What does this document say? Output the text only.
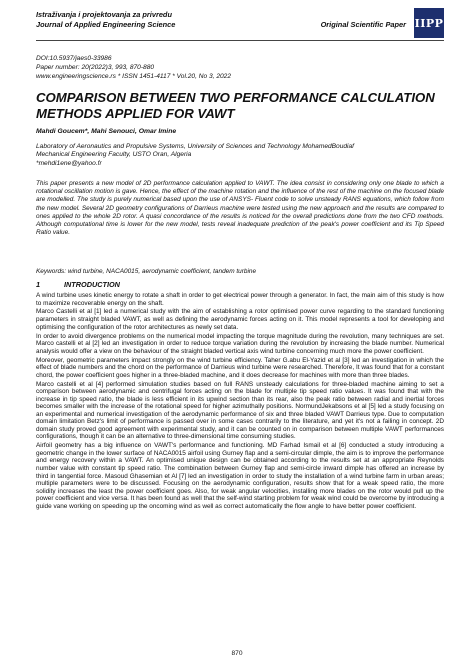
Istraživanja i projektovanja za privredu
Journal of Applied Engineering Science	Original Scientific Paper IIPP
DOI:10.5937/jaes0-33986
Paper number: 20(2022)3, 993, 870-880
www.engineeringscience.rs * ISSN 1451-4117 * Vol.20, No 3, 2022
COMPARISON BETWEEN TWO PERFORMANCE CALCULATION METHODS APPLIED FOR VAWT
Mahdi Goucem*, Mahi Senouci, Omar Imine
Laboratory of Aeronautics and Propulsive Systems, University of Sciences and Technology MohamedBoudiaf
Mechanical Engineering Faculty, USTO Oran, Algeria
*mehdi1ene@yahoo.fr

This paper presents a new model of 2D performance calculation applied to VAWT. The idea consist in considering only one blade to which a rotational oscillation motion is gave. Hence, the effect of the machine rotation and the influence of the rest of the machine on the focused blade are modelled. The study is purely numerical based upon the use of ANSYS- Fluent code to solve unsteady RANS equations, which follow from the new model. Several 2D geometry configurations of Darrieus machine were tested using the new approach and the results are compared to ones applied to the whole 2D rotor. A quasi concordance of the results is noticed for the overall predictions done from the two CFD methods. Although computational time is lower for the new model, tests reveal inadequate prediction of the peak's power coefficient and its Tip Speed Ratio value.

Keywords: wind turbine, NACA0015, aerodynamic coefficient, tandem turbine
1	INTRODUCTION

A wind turbine uses kinetic energy to rotate a shaft in order to get electrical power through a generator. In fact, the main aim of this study is how to maximize recoverable energy on the shaft.

Marco Castelli et al [1] led a numerical study with the aim of establishing a rotor optimised power curve regarding to the standard functioning parameters in straight bladed VAWT, as well as defining the aerodynamic forces acting on it. This model represents a tool for developing and optimising the configuration of the rotor architectures as newly set data.

In order to avoid divergence problems on the numerical model impacting the torque magnitude during the revolution, many techniques are set. Marco castelli et al [2] led an investigation in order to reduce torque variation during the revolution by increasing the blade number. Numerical analysis would offer a view on the behaviour of the straight bladed vertical axis wind turbine concerning much more the power coefficient.

Moreover, geometric parameters impact strongly on the wind turbine efficiency. Taher G.abu El-Yazid et al [3] led an investigation in which the effect of blade numbers and the chord on the performance of Darrieus wind turbine were researched. Therefore, It was found that for a constant chord, the power coefficient goes higher in a three-bladed machine, and it does decrease for machines with more than three blades.

Marco castelli et al [4] performed simulation studies based on full RANS unsteady calculations for three-bladed machine aiming to set a comparison between aerodynamic and centrifugal forces acting on the blade for multiple tip speed ratio values. It was found that with the increase in tip speed ratio, the blade is less efficient in its upwind section than its rear, also the peak ratio between radial and inertial forces becomes smaller with the increase of the rotational speed for higher azimuthally positions. NormundJekabsons et al [5] led a study focusing on an experimental and numerical investigation of the aerodynamic performance of six and three bladed VAWT Darrieus type. Due to computation domain limitation Betz's limit of performance is passed over in some cases contrarily to the literature, and yet it's not a failing in concept. 2D domain study proved good agreement with experimental study, and it can be counted on in comparison between multiple VAWT performances configurations, though it can be an alternative to three-dimensional time consuming studies.

Airfoil geometry has a big influence on VAWT's performance and functioning. MD Farhad Ismail et al [6] conducted a study introducing a geometric change in the lower surface of NACA0015 airfoil using Gurney flap and a semi-circular dimple, the aim is to improve the performance and energy recovery within a VAWT. An optimised unique design can be obtained according to the results set at an appropriate Reynolds number value with constant tip speed ratio. The combination between Gurney flap and semi-circle inward dimple has offered an increase by third in tangential force. Masoud Ghasemian et Al [7] led an investigation in order to study the installation of a wind turbine farm in urban areas; multiple parameters were to be discussed. Focusing on the aerodynamic configuration, results show that for a weak speed ratio, the more solidity increases the least the power coefficient goes. Also, for weak angular velocities, installing more blades on the rotor would pull up the power coefficient and vice versa. It has been found as well that the self-wind starting problem for weak wind could be overcome by introducing a guide vane working on speeding up the oncoming wind as well as correct automatically the flow angle to have better power coefficient.

870
